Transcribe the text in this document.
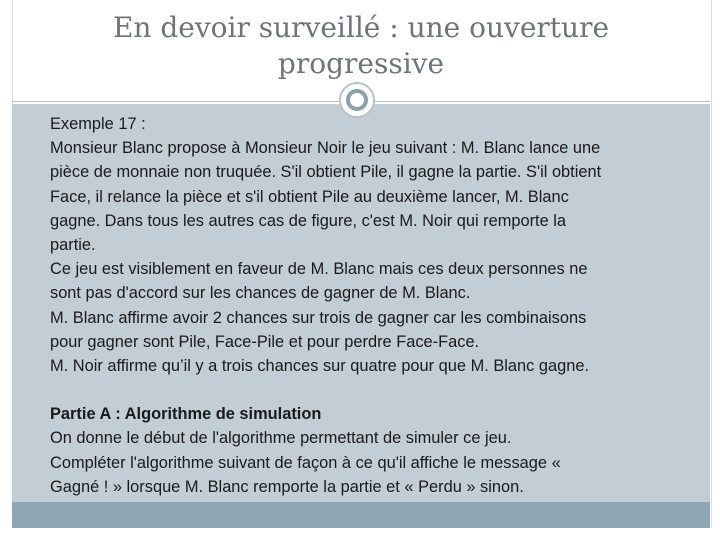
En devoir surveillé : une ouverture
progressive
Exemple 17 :
Monsieur Blanc propose à Monsieur Noir le jeu suivant : M. Blanc lance une
pièce de monnaie non truquée. S'il obtient Pile, il gagne la partie. S'il obtient
Face, il relance la pièce et s'il obtient Pile au deuxième lancer, M. Blanc
gagne. Dans tous les autres cas de figure, c'est M. Noir qui remporte la
partie.
Ce jeu est visiblement en faveur de M. Blanc mais ces deux personnes ne
sont pas d'accord sur les chances de gagner de M. Blanc.
M. Blanc affirme avoir 2 chances sur trois de gagner car les combinaisons
pour gagner sont Pile, Face-Pile et pour perdre Face-Face.
M. Noir affirme qu’il y a trois chances sur quatre pour que M. Blanc gagne.
Partie A : Algorithme de simulation
On donne le début de l'algorithme permettant de simuler ce jeu.
Compléter l'algorithme suivant de façon à ce qu'il affiche le message «
Gagné ! » lorsque M. Blanc remporte la partie et « Perdu » sinon.
